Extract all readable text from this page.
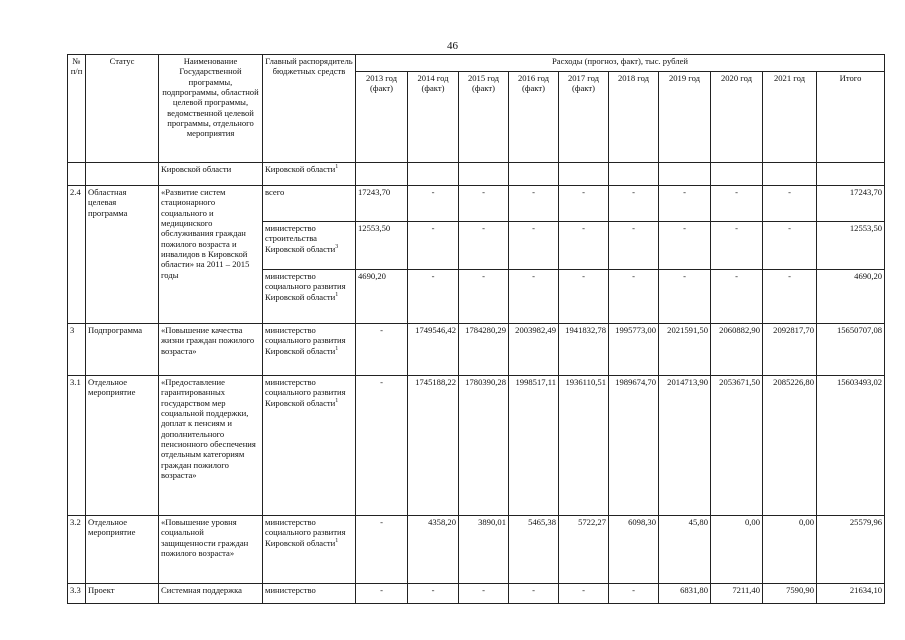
46
№ п/п	Статус	Наименование Государственной программы, подпрограммы, областной целевой программы, ведомственной целевой программы, отдельного мероприятия	Главный распорядитель бюджетных средств	Расходы (прогноз, факт), тыс. рублей									
				2013 год (факт)	2014 год (факт)	2015 год (факт)	2016 год (факт)	2017 год (факт)	2018 год	2019 год	2020 год	2021 год	Итого
		Кировской области	Кировской области$^1$										
2.4	Областная целевая программа	«Развитие систем стационарного социального и медицинского обслуживания граждан пожилого возраста и инвалидов в Кировской области» на 2011 – 2015 годы	всего	17243,70	-	-	-	-	-	-	-	-	17243,70
			министерство строительства Кировской области$^3$	12553,50	-	-	-	-	-	-	-	-	12553,50
			министерство социального развития Кировской области$^1$	4690,20	-	-	-	-	-	-	-	-	4690,20
3	Подпрограмма	«Повышение качества жизни граждан пожилого возраста»	министерство социального развития Кировской области$^1$	-	1749546,42	1784280,29	2003982,49	1941832,78	1995773,00	2021591,50	2060882,90	2092817,70	15650707,08
3.1	Отдельное мероприятие	«Предоставление гарантированных государством мер социальной поддержки, доплат к пенсиям и дополнительного пенсионного обеспечения отдельным категориям граждан пожилого возраста»	министерство социального развития Кировской области$^1$	-	1745188,22	1780390,28	1998517,11	1936110,51	1989674,70	2014713,90	2053671,50	2085226,80	15603493,02
3.2	Отдельное мероприятие	«Повышение уровня социальной защищенности граждан пожилого возраста»	министерство социального развития Кировской области$^1$	-	4358,20	3890,01	5465,38	5722,27	6098,30	45,80	0,00	0,00	25579,96
3.3	Проект	Системная поддержка	министерство	-	-	-	-	-	-	6831,80	7211,40	7590,90	21634,10
